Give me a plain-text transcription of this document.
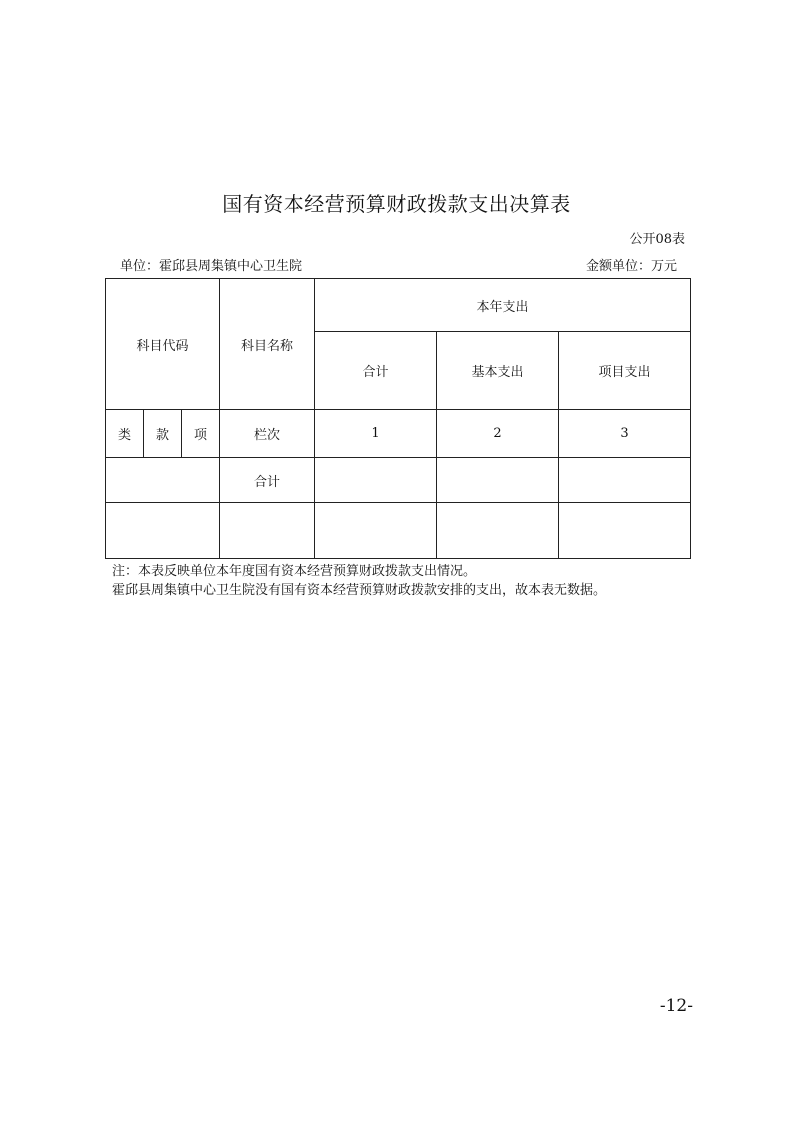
国有资本经营预算财政拨款支出决算表
公开08表
单位：霍邱县周集镇中心卫生院	金额单位：万元
科目代码			科目名称	本年支出		
				合计	基本支出	项目支出
类	款	项	栏次	1	2	3
			合计			

注：本表反映单位本年度国有资本经营预算财政拨款支出情况。
霍邱县周集镇中心卫生院没有国有资本经营预算财政拨款安排的支出，故本表无数据。
-12-
